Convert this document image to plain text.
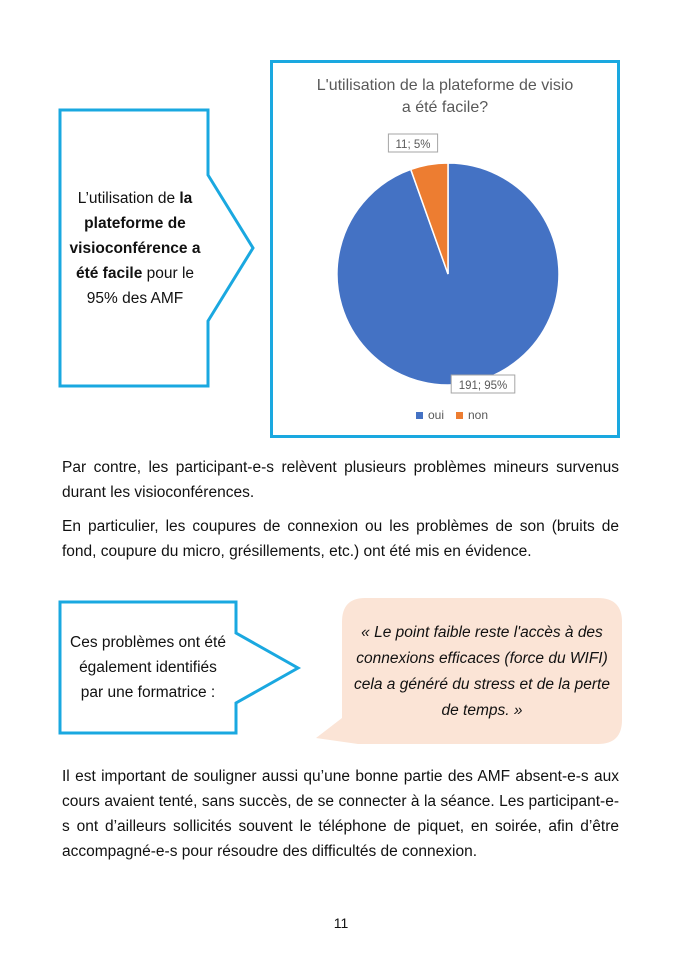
L’utilisation de la plateforme de visioconférence a été facile pour le 95% des AMF
L'utilisation de la plateforme de visio a été facile?
191; 95%
11; 5%
oui non

Par contre, les participant-e-s relèvent plusieurs problèmes mineurs survenus durant les visioconférences.

En particulier, les coupures de connexion ou les problèmes de son (bruits de fond, coupure du micro, grésillements, etc.) ont été mis en évidence.

Ces problèmes ont été également identifiés par une formatrice :
« Le point faible reste l'accès à des connexions efficaces (force du WIFI) cela a généré du stress et de la perte de temps. »

Il est important de souligner aussi qu’une bonne partie des AMF absent-e-s aux cours avaient tenté, sans succès, de se connecter à la séance. Les participant-e-s ont d’ailleurs sollicités souvent le téléphone de piquet, en soirée, afin d’être accompagné-e-s pour résoudre des difficultés de connexion.

11
